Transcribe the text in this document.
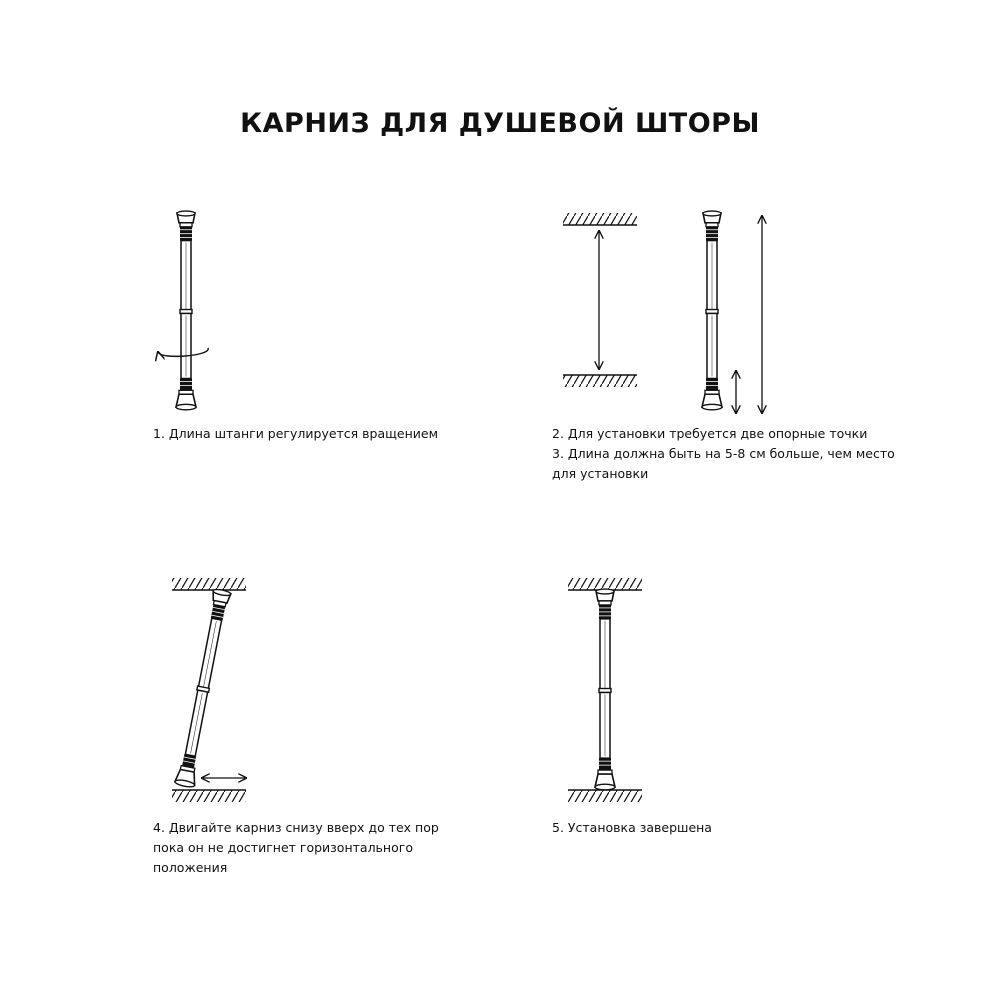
КАРНИЗ ДЛЯ ДУШЕВОЙ ШТОРЫ
1. Длина штанги регулируется вращением	2. Для установки требуется две опорные точки
3. Длина должна быть на 5-8 см больше, чем место
для установки
4. Двигайте карниз снизу вверх до тех пор
пока он не достигнет горизонтального
положения
5. Установка завершена
